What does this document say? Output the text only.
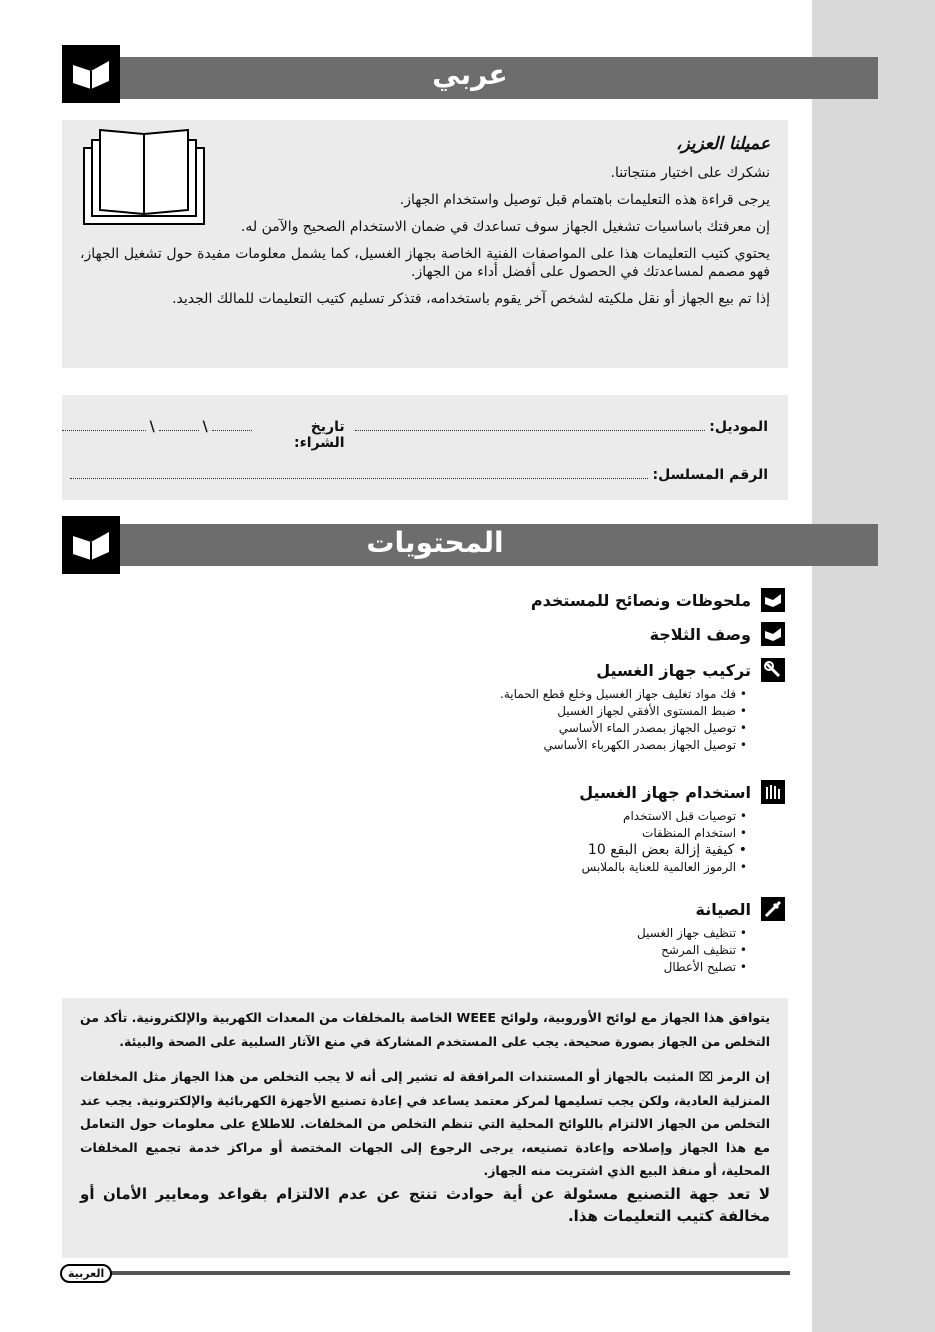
عربي
عميلنا العزيز،

نشكرك على اختيار منتجاتنا.

يرجى قراءة هذه التعليمات باهتمام قبل توصيل واستخدام الجهاز.

إن معرفتك باساسيات تشغيل الجهاز سوف تساعدك في ضمان الاستخدام الصحيح والآمن له.

يحتوي كتيب التعليمات هذا على المواصفات الفنية الخاصة بجهاز الغسيل، كما يشمل معلومات مفيدة حول تشغيل الجهاز، فهو مصمم لمساعدتك في الحصول على أفضل أداء من الجهاز.

إذا تم بيع الجهاز أو نقل ملكيته لشخص آخر يقوم باستخدامه، فتذكر تسليم كتيب التعليمات للمالك الجديد.

الموديل:
تاريخ الشراء:
\
\
الرقم المسلسل:
المحتويات
ملحوظات ونصائح للمستخدم
وصف الثلاجة
تركيب جهاز الغسيل
• فك مواد تغليف جهاز الغسيل وخلع قطع الحماية.
• ضبط المستوى الأفقي لجهاز الغسيل
• توصيل الجهاز بمصدر الماء الأساسي
• توصيل الجهاز بمصدر الكهرباء الأساسي
استخدام جهاز الغسيل
• توصيات قبل الاستخدام
• استخدام المنظفات
• كيفية إزالة بعض البقع 10
• الرموز العالمية للعناية بالملابس
الصيانة
• تنظيف جهاز الغسيل
• تنظيف المرشح
• تصليح الأعطال

يتوافق هذا الجهاز مع لوائح الأوروبية، ولوائح WEEE الخاصة بالمخلفات من المعدات الكهربية والإلكترونية. تأكد من التخلص من الجهاز بصورة صحيحة. يجب على المستخدم المشاركة في منع الآثار السلبية على الصحة والبيئة.

إن الرمز ⌧ المثبت بالجهاز أو المستندات المرافقة له تشير إلى أنه لا يجب التخلص من هذا الجهاز مثل المخلفات المنزلية العادية، ولكن يجب تسليمها لمركز معتمد يساعد في إعادة تصنيع الأجهزة الكهربائية والإلكترونية. يجب عند التخلص من الجهاز الالتزام باللوائح المحلية التي تنظم التخلص من المخلفات. للاطلاع على معلومات حول التعامل مع هذا الجهاز وإصلاحه وإعادة تصنيعه، يرجى الرجوع إلى الجهات المختصة أو مراكز خدمة تجميع المخلفات المحلية، أو منفذ البيع الذي اشتريت منه الجهاز.

لا تعد جهة التصنيع مسئولة عن أية حوادث تنتج عن عدم الالتزام بقواعد ومعايير الأمان أو مخالفة كتيب التعليمات هذا.

العربية
